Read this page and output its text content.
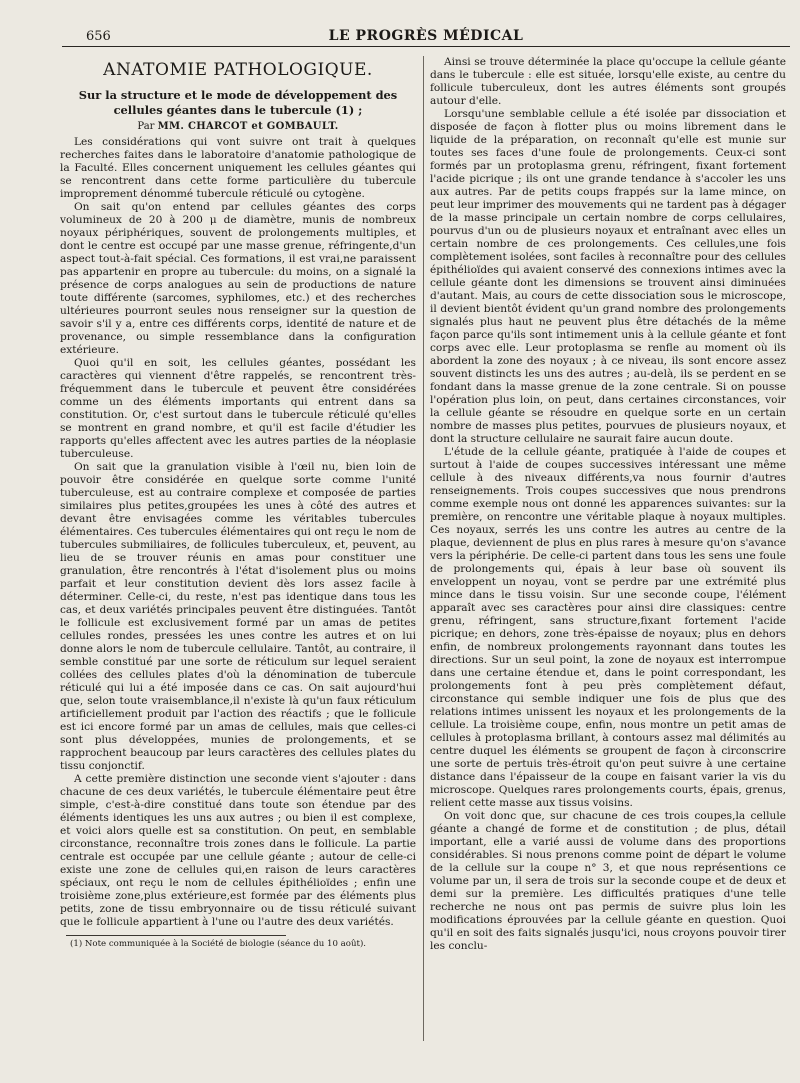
656	LE PROGRÈS MÉDICAL
ANATOMIE PATHOLOGIQUE.
Sur la structure et le mode de développement des cellules géantes dans le tubercule (1) ;
Par MM. CHARCOT et GOMBAULT.

Les considérations qui vont suivre ont trait à quelques recherches faites dans le laboratoire d'anatomie pathologique de la Faculté. Elles concernent uniquement les cellules géantes qui se rencontrent dans cette forme particulière du tubercule improprement dénommé tubercule réticulé ou cytogène.

On sait qu'on entend par cellules géantes des corps volumineux de 20 à 200 μ de diamètre, munis de nombreux noyaux périphériques, souvent de prolongements multiples, et dont le centre est occupé par une masse grenue, réfringente,d'un aspect tout-à-fait spécial. Ces formations, il est vrai,ne paraissent pas appartenir en propre au tubercule: du moins, on a signalé la présence de corps analogues au sein de productions de nature toute différente (sarcomes, syphilomes, etc.) et des recherches ultérieures pourront seules nous renseigner sur la question de savoir s'il y a, entre ces différents corps, identité de nature et de provenance, ou simple ressemblance dans la configuration extérieure.

Quoi qu'il en soit, les cellules géantes, possédant les caractères qui viennent d'être rappelés, se rencontrent très-fréquemment dans le tubercule et peuvent être considérées comme un des éléments importants qui entrent dans sa constitution. Or, c'est surtout dans le tubercule réticulé qu'elles se montrent en grand nombre, et qu'il est facile d'étudier les rapports qu'elles affectent avec les autres parties de la néoplasie tuberculeuse.

On sait que la granulation visible à l'œil nu, bien loin de pouvoir être considérée en quelque sorte comme l'unité tuberculeuse, est au contraire complexe et composée de parties similaires plus petites,groupées les unes à côté des autres et devant être envisagées comme les véritables tubercules élémentaires. Ces tubercules élémentaires qui ont reçu le nom de tubercules submiliaires, de follicules tuberculeux, et, peuvent, au lieu de se trouver réunis en amas pour constituer une granulation, être rencontrés à l'état d'isolement plus ou moins parfait et leur constitution devient dès lors assez facile à déterminer. Celle-ci, du reste, n'est pas identique dans tous les cas, et deux variétés principales peuvent être distinguées. Tantôt le follicule est exclusivement formé par un amas de petites cellules rondes, pressées les unes contre les autres et on lui donne alors le nom de tubercule cellulaire. Tantôt, au contraire, il semble constitué par une sorte de réticulum sur lequel seraient collées des cellules plates d'où la dénomination de tubercule réticulé qui lui a été imposée dans ce cas. On sait aujourd'hui que, selon toute vraisemblance,il n'existe là qu'un faux réticulum artificiellement produit par l'action des réactifs ; que le follicule est ici encore formé par un amas de cellules, mais que celles-ci sont plus développées, munies de prolongements, et se rapprochent beaucoup par leurs caractères des cellules plates du tissu conjonctif.

A cette première distinction une seconde vient s'ajouter : dans chacune de ces deux variétés, le tubercule élémentaire peut être simple, c'est-à-dire constitué dans toute son étendue par des éléments identiques les uns aux autres ; ou bien il est complexe, et voici alors quelle est sa constitution. On peut, en semblable circonstance, reconnaître trois zones dans le follicule. La partie centrale est occupée par une cellule géante ; autour de celle-ci existe une zone de cellules qui,en raison de leurs caractères spéciaux, ont reçu le nom de cellules épithélioïdes ; enfin une troisième zone,plus extérieure,est formée par des éléments plus petits, zone de tissu embryonnaire ou de tissu réticulé suivant que le follicule appartient à l'une ou l'autre des deux variétés.

(1) Note communiquée à la Société de biologie (séance du 10 août).

Ainsi se trouve déterminée la place qu'occupe la cellule géante dans le tubercule : elle est située, lorsqu'elle existe, au centre du follicule tuberculeux, dont les autres éléments sont groupés autour d'elle.

Lorsqu'une semblable cellule a été isolée par dissociation et disposée de façon à flotter plus ou moins librement dans le liquide de la préparation, on reconnaît qu'elle est munie sur toutes ses faces d'une foule de prolongements. Ceux-ci sont formés par un protoplasma grenu, réfringent, fixant fortement l'acide picrique ; ils ont une grande tendance à s'accoler les uns aux autres. Par de petits coups frappés sur la lame mince, on peut leur imprimer des mouvements qui ne tardent pas à dégager de la masse principale un certain nombre de corps cellulaires, pourvus d'un ou de plusieurs noyaux et entraînant avec elles un certain nombre de ces prolongements. Ces cellules,une fois complètement isolées, sont faciles à reconnaître pour des cellules épithélioïdes qui avaient conservé des connexions intimes avec la cellule géante dont les dimensions se trouvent ainsi diminuées d'autant. Mais, au cours de cette dissociation sous le microscope, il devient bientôt évident qu'un grand nombre des prolongements signalés plus haut ne peuvent plus être détachés de la même façon parce qu'ils sont intimement unis à la cellule géante et font corps avec elle. Leur protoplasma se renfle au moment où ils abordent la zone des noyaux ; à ce niveau, ils sont encore assez souvent distincts les uns des autres ; au-delà, ils se perdent en se fondant dans la masse grenue de la zone centrale. Si on pousse l'opération plus loin, on peut, dans certaines circonstances, voir la cellule géante se résoudre en quelque sorte en un certain nombre de masses plus petites, pourvues de plusieurs noyaux, et dont la structure cellulaire ne saurait faire aucun doute.

L'étude de la cellule géante, pratiquée à l'aide de coupes et surtout à l'aide de coupes successives intéressant une même cellule à des niveaux différents,va nous fournir d'autres renseignements. Trois coupes successives que nous prendrons comme exemple nous ont donné les apparences suivantes: sur la première, on rencontre une véritable plaque à noyaux multiples. Ces noyaux, serrés les uns contre les autres au centre de la plaque, deviennent de plus en plus rares à mesure qu'on s'avance vers la périphérie. De celle-ci partent dans tous les sens une foule de prolongements qui, épais à leur base où souvent ils enveloppent un noyau, vont se perdre par une extrémité plus mince dans le tissu voisin. Sur une seconde coupe, l'élément apparaît avec ses caractères pour ainsi dire classiques: centre grenu, réfringent, sans structure,fixant fortement l'acide picrique; en dehors, zone très-épaisse de noyaux; plus en dehors enfin, de nombreux prolongements rayonnant dans toutes les directions. Sur un seul point, la zone de noyaux est interrompue dans une certaine étendue et, dans le point correspondant, les prolongements font à peu près complètement défaut, circonstance qui semble indiquer une fois de plus que des relations intimes unissent les noyaux et les prolongements de la cellule. La troisième coupe, enfin, nous montre un petit amas de cellules à protoplasma brillant, à contours assez mal délimités au centre duquel les éléments se groupent de façon à circonscrire une sorte de pertuis très-étroit qu'on peut suivre à une certaine distance dans l'épaisseur de la coupe en faisant varier la vis du microscope. Quelques rares prolongements courts, épais, grenus, relient cette masse aux tissus voisins.

On voit donc que, sur chacune de ces trois coupes,la cellule géante a changé de forme et de constitution ; de plus, détail important, elle a varié aussi de volume dans des proportions considérables. Si nous prenons comme point de départ le volume de la cellule sur la coupe n° 3, et que nous représentions ce volume par un, il sera de trois sur la seconde coupe et de deux et demi sur la première. Les difficultés pratiques d'une telle recherche ne nous ont pas permis de suivre plus loin les modifications éprouvées par la cellule géante en question. Quoi qu'il en soit des faits signalés jusqu'ici, nous croyons pouvoir tirer les conclu-
